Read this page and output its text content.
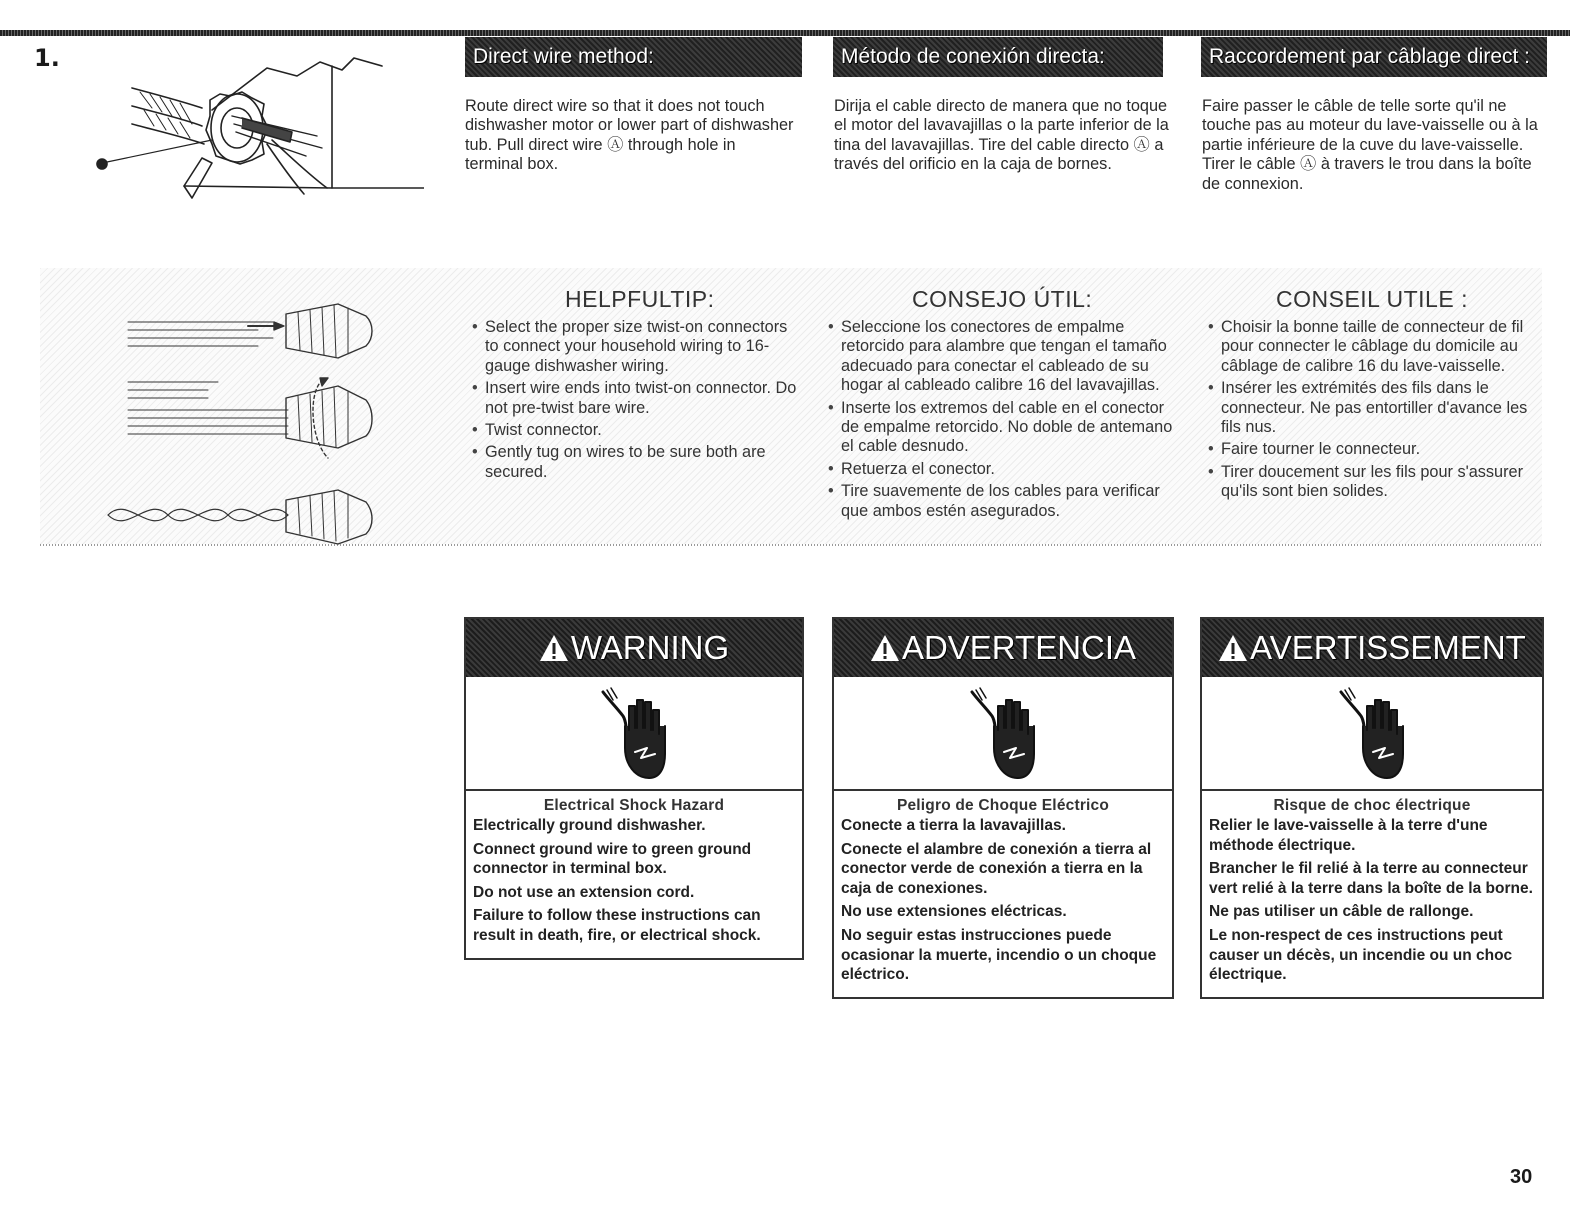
1.	Direct wire method:

Route direct wire so that it does not touch dishwasher motor or lower part of dishwasher tub. Pull direct wire Ⓐ through hole in terminal box.

Método de conexión directa:

Dirija el cable directo de manera que no toque el motor del lavavajillas o la parte inferior de la tina del lavavajillas. Tire del cable directo Ⓐ a través del orificio en la caja de bornes.

Raccordement par câblage direct :

Faire passer le câble de telle sorte qu'il ne touche pas au moteur du lave-vaisselle ou à la partie inférieure de la cuve du lave-vaisselle. Tirer le câble Ⓐ à travers le trou dans la boîte de connexion.

HELPFULTIP:
• Select the proper size twist-on connectors to connect your household wiring to 16-gauge dishwasher wiring.
• Insert wire ends into twist-on connector. Do not pre-twist bare wire.
• Twist connector.
• Gently tug on wires to be sure both are secured.
CONSEJO ÚTIL:
• Seleccione los conectores de empalme retorcido para alambre que tengan el tamaño adecuado para conectar el cableado de su hogar al cableado calibre 16 del lavavajillas.
• Inserte los extremos del cable en el conector de empalme retorcido. No doble de antemano el cable desnudo.
• Retuerza el conector.
• Tire suavemente de los cables para verificar que ambos estén asegurados.
CONSEIL UTILE :
• Choisir la bonne taille de connecteur de fil pour connecter le câblage du domicile au câblage de calibre 16 du lave-vaisselle.
• Insérer les extrémités des fils dans le connecteur. Ne pas entortiller d'avance les fils nus.
• Faire tourner le connecteur.
• Tirer doucement sur les fils pour s'assurer qu'ils sont bien solides.
WARNING
Electrical Shock Hazard

Electrically ground dishwasher.

Connect ground wire to green ground connector in terminal box.

Do not use an extension cord.

Failure to follow these instructions can result in death, fire, or electrical shock.

ADVERTENCIA
Peligro de Choque Eléctrico

Conecte a tierra la lavavajillas.

Conecte el alambre de conexión a tierra al conector verde de conexión a tierra en la caja de conexiones.

No use extensiones eléctricas.

No seguir estas instrucciones puede ocasionar la muerte, incendio o un choque eléctrico.

AVERTISSEMENT
Risque de choc électrique

Relier le lave-vaisselle à la terre d'une méthode électrique.

Brancher le fil relié à la terre au connecteur vert relié à la terre dans la boîte de la borne.

Ne pas utiliser un câble de rallonge.

Le non-respect de ces instructions peut causer un décès, un incendie ou un choc électrique.

30
